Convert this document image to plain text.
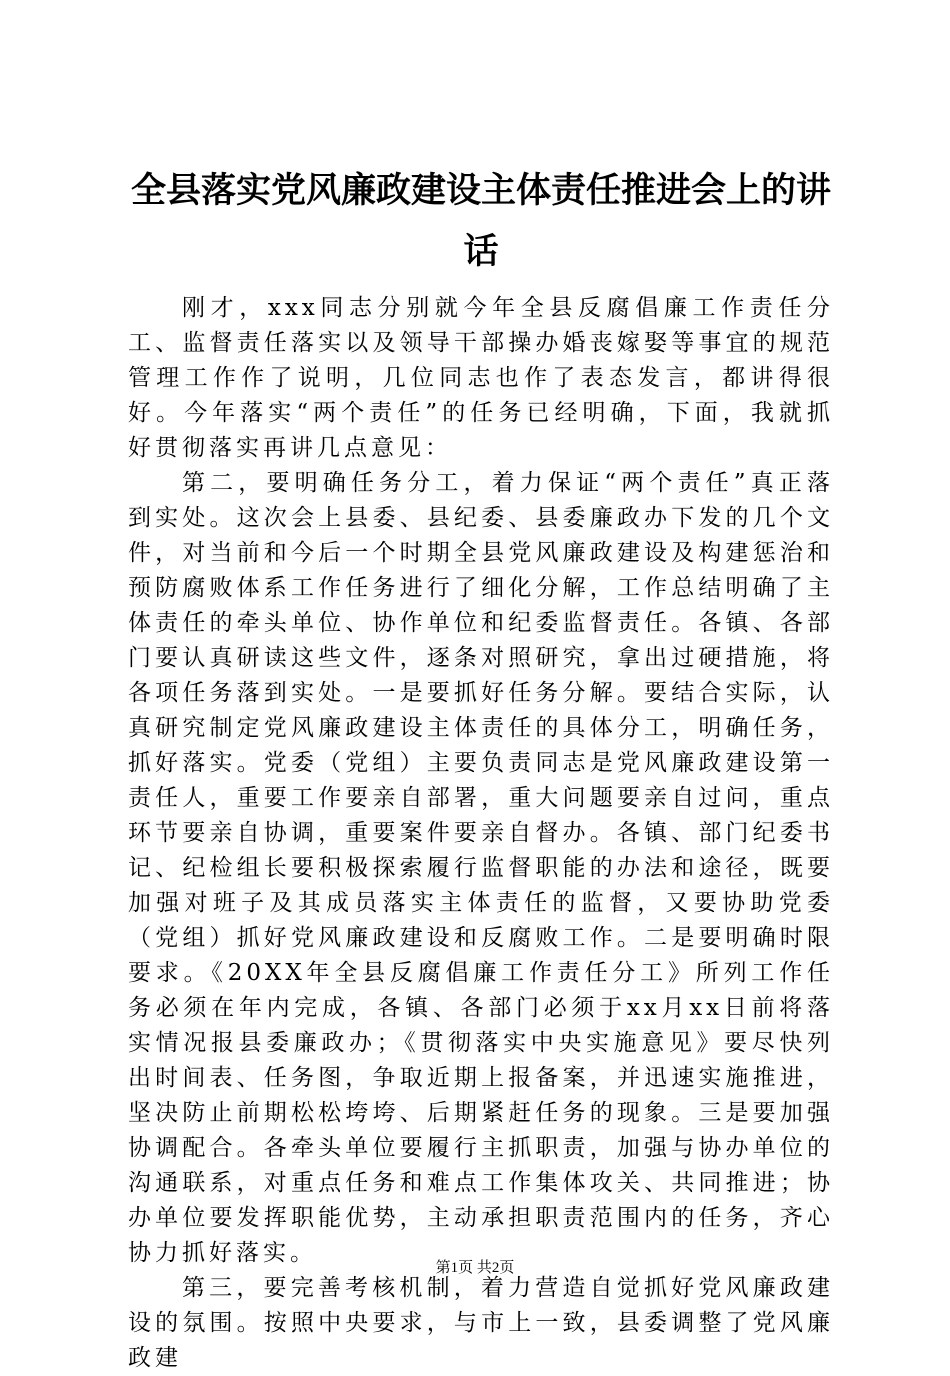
全县落实党风廉政建设主体责任推进会上的讲话

刚才，xxx同志分别就今年全县反腐倡廉工作责任分工、监督责任落实以及领导干部操办婚丧嫁娶等事宜的规范管理工作作了说明，几位同志也作了表态发言，都讲得很好。今年落实“两个责任”的任务已经明确，下面，我就抓好贯彻落实再讲几点意见：

第二，要明确任务分工，着力保证“两个责任”真正落到实处。这次会上县委、县纪委、县委廉政办下发的几个文件，对当前和今后一个时期全县党风廉政建设及构建惩治和预防腐败体系工作任务进行了细化分解，工作总结明确了主体责任的牵头单位、协作单位和纪委监督责任。各镇、各部门要认真研读这些文件，逐条对照研究，拿出过硬措施，将各项任务落到实处。一是要抓好任务分解。要结合实际，认真研究制定党风廉政建设主体责任的具体分工，明确任务，抓好落实。党委（党组）主要负责同志是党风廉政建设第一责任人，重要工作要亲自部署，重大问题要亲自过问，重点环节要亲自协调，重要案件要亲自督办。各镇、部门纪委书记、纪检组长要积极探索履行监督职能的办法和途径，既要加强对班子及其成员落实主体责任的监督，又要协助党委（党组）抓好党风廉政建设和反腐败工作。二是要明确时限要求。《20XX年全县反腐倡廉工作责任分工》所列工作任务必须在年内完成，各镇、各部门必须于xx月xx日前将落实情况报县委廉政办；《贯彻落实中央实施意见》要尽快列出时间表、任务图，争取近期上报备案，并迅速实施推进，坚决防止前期松松垮垮、后期紧赶任务的现象。三是要加强协调配合。各牵头单位要履行主抓职责，加强与协办单位的沟通联系，对重点任务和难点工作集体攻关、共同推进；协办单位要发挥职能优势，主动承担职责范围内的任务，齐心协力抓好落实。

第三，要完善考核机制，着力营造自觉抓好党风廉政建设的氛围。按照中央要求，与市上一致，县委调整了党风廉政建

第1页 共2页
